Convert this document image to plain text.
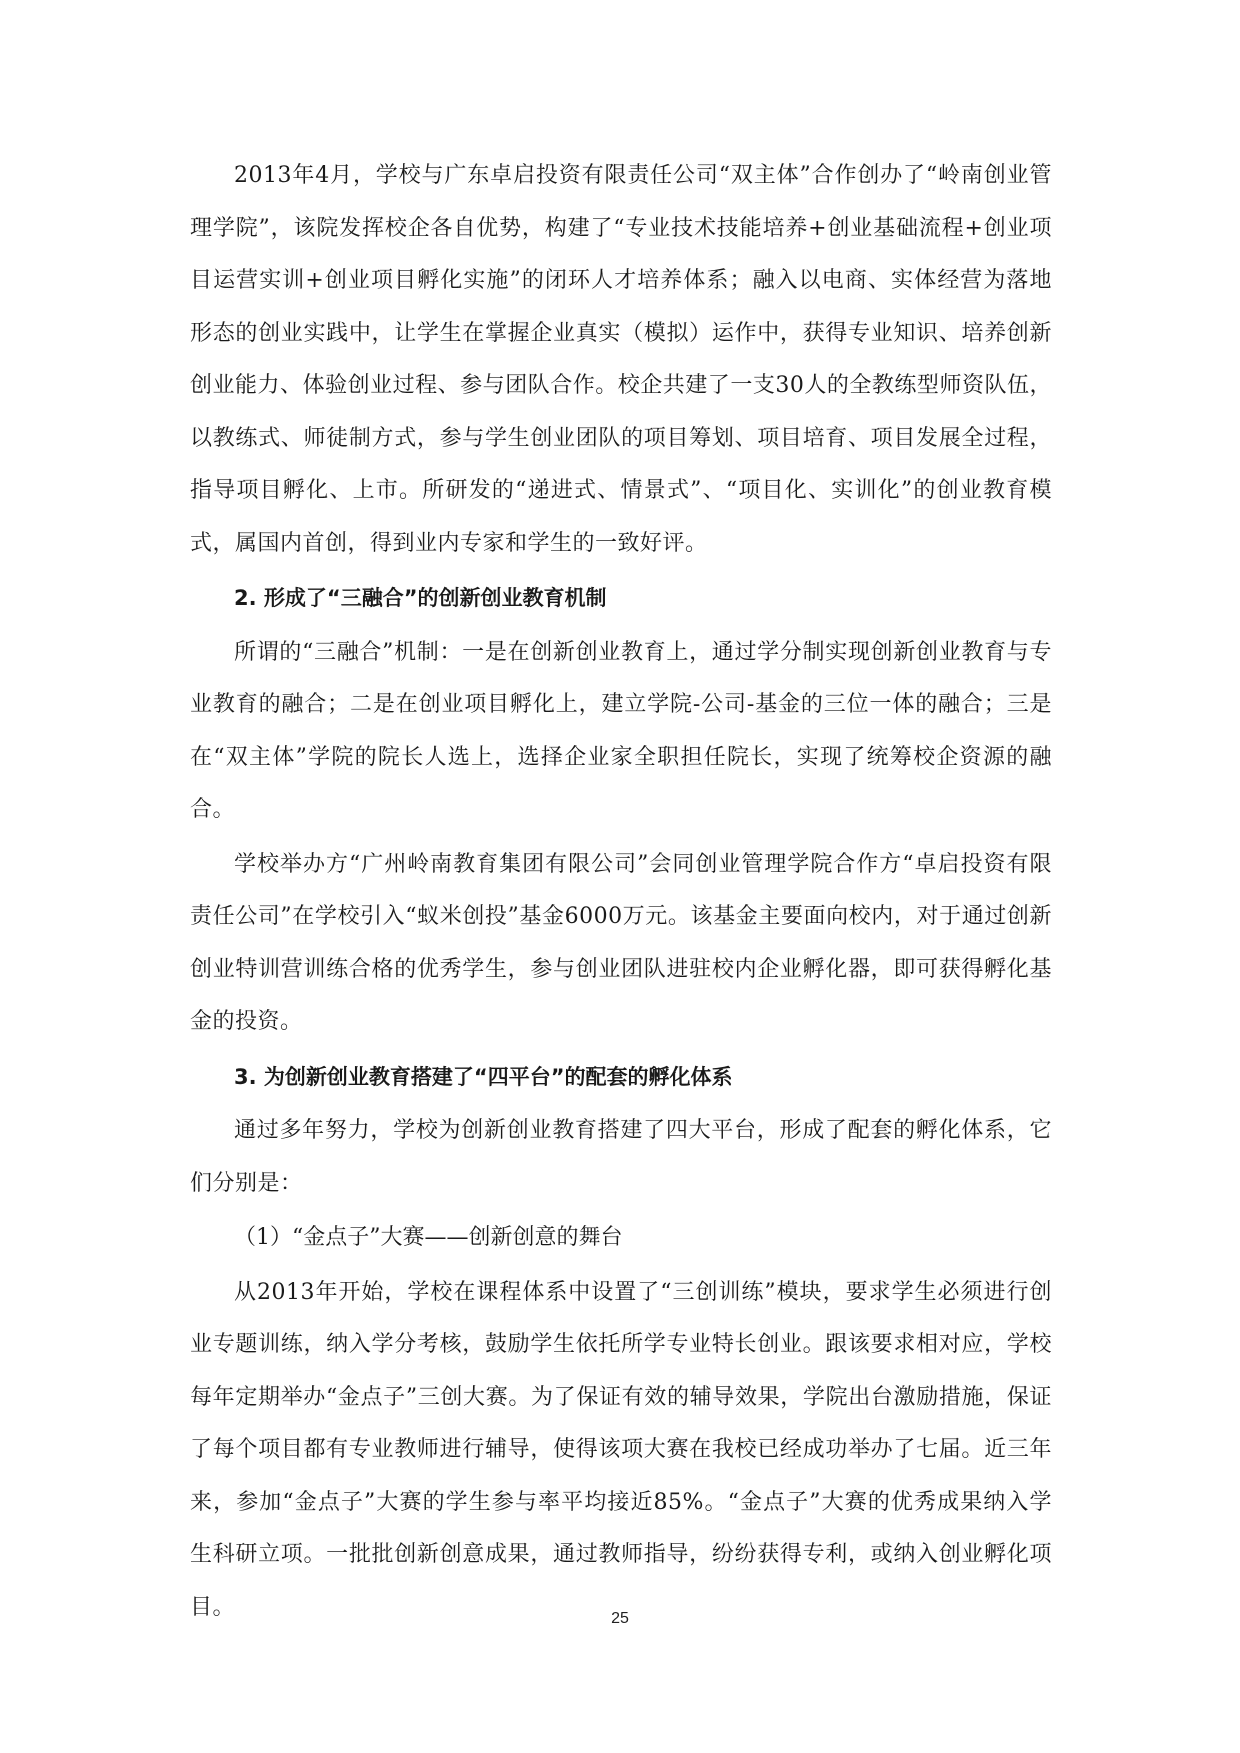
2013年4月，学校与广东卓启投资有限责任公司“双主体”合作创办了“岭南创业管理学院”，该院发挥校企各自优势，构建了“专业技术技能培养+创业基础流程+创业项目运营实训+创业项目孵化实施”的闭环人才培养体系；融入以电商、实体经营为落地形态的创业实践中，让学生在掌握企业真实（模拟）运作中，获得专业知识、培养创新创业能力、体验创业过程、参与团队合作。校企共建了一支30人的全教练型师资队伍，以教练式、师徒制方式，参与学生创业团队的项目筹划、项目培育、项目发展全过程，指导项目孵化、上市。所研发的“递进式、情景式”、“项目化、实训化”的创业教育模式，属国内首创，得到业内专家和学生的一致好评。

2. 形成了“三融合”的创新创业教育机制

所谓的“三融合”机制：一是在创新创业教育上，通过学分制实现创新创业教育与专业教育的融合；二是在创业项目孵化上，建立学院-公司-基金的三位一体的融合；三是在“双主体”学院的院长人选上，选择企业家全职担任院长，实现了统筹校企资源的融合。

学校举办方“广州岭南教育集团有限公司”会同创业管理学院合作方“卓启投资有限责任公司”在学校引入“蚁米创投”基金6000万元。该基金主要面向校内，对于通过创新创业特训营训练合格的优秀学生，参与创业团队进驻校内企业孵化器，即可获得孵化基金的投资。

3. 为创新创业教育搭建了“四平台”的配套的孵化体系

通过多年努力，学校为创新创业教育搭建了四大平台，形成了配套的孵化体系，它们分别是：

（1）“金点子”大赛——创新创意的舞台

从2013年开始，学校在课程体系中设置了“三创训练”模块，要求学生必须进行创业专题训练，纳入学分考核，鼓励学生依托所学专业特长创业。跟该要求相对应，学校每年定期举办“金点子”三创大赛。为了保证有效的辅导效果，学院出台激励措施，保证了每个项目都有专业教师进行辅导，使得该项大赛在我校已经成功举办了七届。近三年来，参加“金点子”大赛的学生参与率平均接近85%。“金点子”大赛的优秀成果纳入学生科研立项。一批批创新创意成果，通过教师指导，纷纷获得专利，或纳入创业孵化项目。	25
